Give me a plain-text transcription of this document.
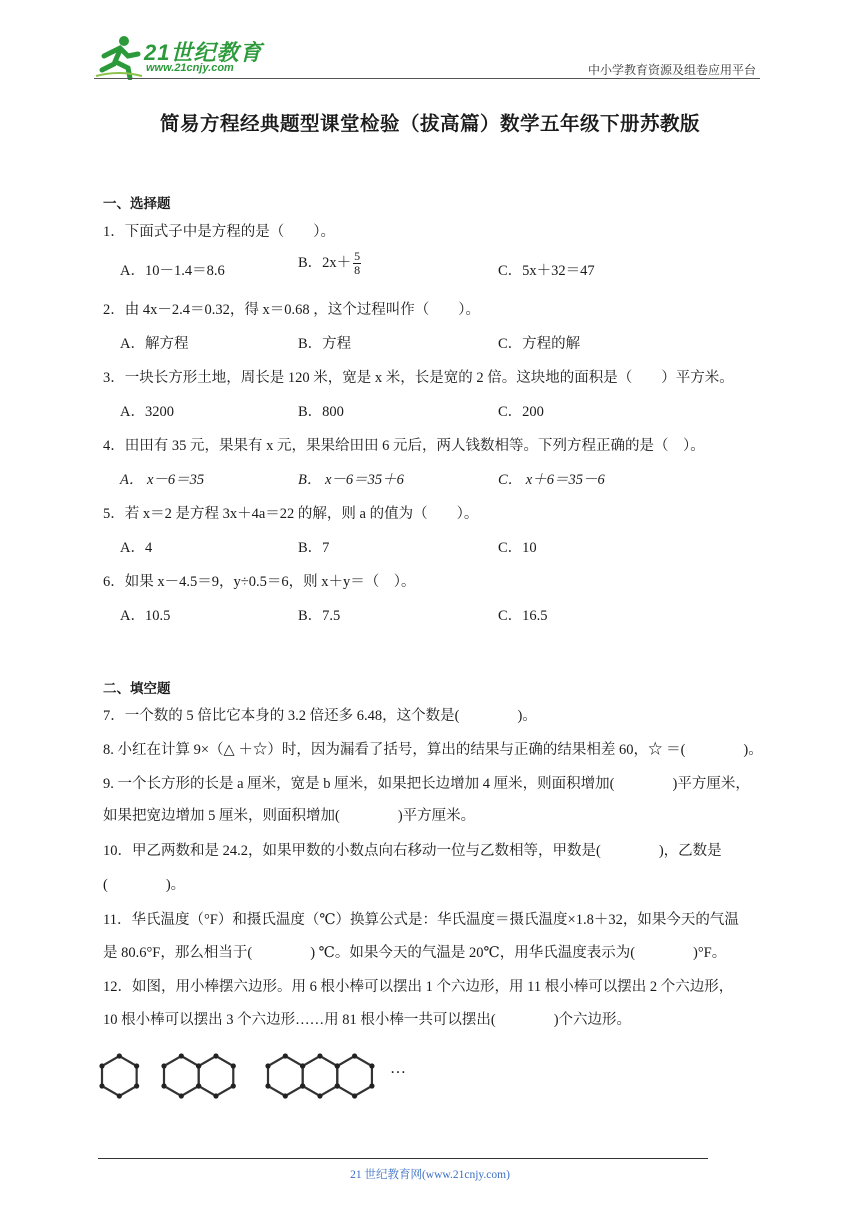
21世纪教育
www.21cnjy.com	中小学教育资源及组卷应用平台
简易方程经典题型课堂检验（拔高篇）数学五年级下册苏教版
一、选择题
1．下面式子中是方程的是（　　）。
A．10－1.4＝8.6
B．$2x+ \frac{5}{8}$	C．5x＋32＝47
2．由 4x－2.4＝0.32，得 x＝0.68 ，这个过程叫作（　　）。
A．解方程	B．方程	C．方程的解
3．一块长方形土地，周长是 120 米，宽是 x 米，长是宽的 2 倍。这块地的面积是（　　）平方米。
A．3200	B．800	C．200
4．田田有 35 元，果果有 x 元，果果给田田 6 元后，两人钱数相等。下列方程正确的是（　）。
A． x－6＝35	B． x－6＝35＋6	C． x＋6＝35－6
5．若 x＝2 是方程 3x＋4a＝22 的解，则 a 的值为（　　）。
A．4	B．7	C．10
6．如果 x－4.5＝9，y÷0.5＝6，则 x＋y＝（　）。
A．10.5	B．7.5	C．16.5
二、填空题
7．一个数的 5 倍比它本身的 3.2 倍还多 6.48，这个数是(　　　　)。
8. 小红在计算 9×（△ ＋☆）时，因为漏看了括号，算出的结果与正确的结果相差 60，☆ ＝(　　　　)。
9. 一个长方形的长是 a 厘米，宽是 b 厘米，如果把长边增加 4 厘米，则面积增加(　　　　)平方厘米，
如果把宽边增加 5 厘米，则面积增加(　　　　)平方厘米。
10．甲乙两数和是 24.2，如果甲数的小数点向右移动一位与乙数相等，甲数是(　　　　)，乙数是
(　　　　)。
11．华氏温度（°F）和摄氏温度（℃）换算公式是：华氏温度＝摄氏温度×1.8＋32，如果今天的气温
是 80.6°F，那么相当于(　　　　) ℃。如果今天的气温是 20℃，用华氏温度表示为(　　　　)°F。
12．如图，用小棒摆六边形。用 6 根小棒可以摆出 1 个六边形，用 11 根小棒可以摆出 2 个六边形，
10 根小棒可以摆出 3 个六边形……用 81 根小棒一共可以摆出(　　　　)个六边形。
…
21 世纪教育网(www.21cnjy.com)
